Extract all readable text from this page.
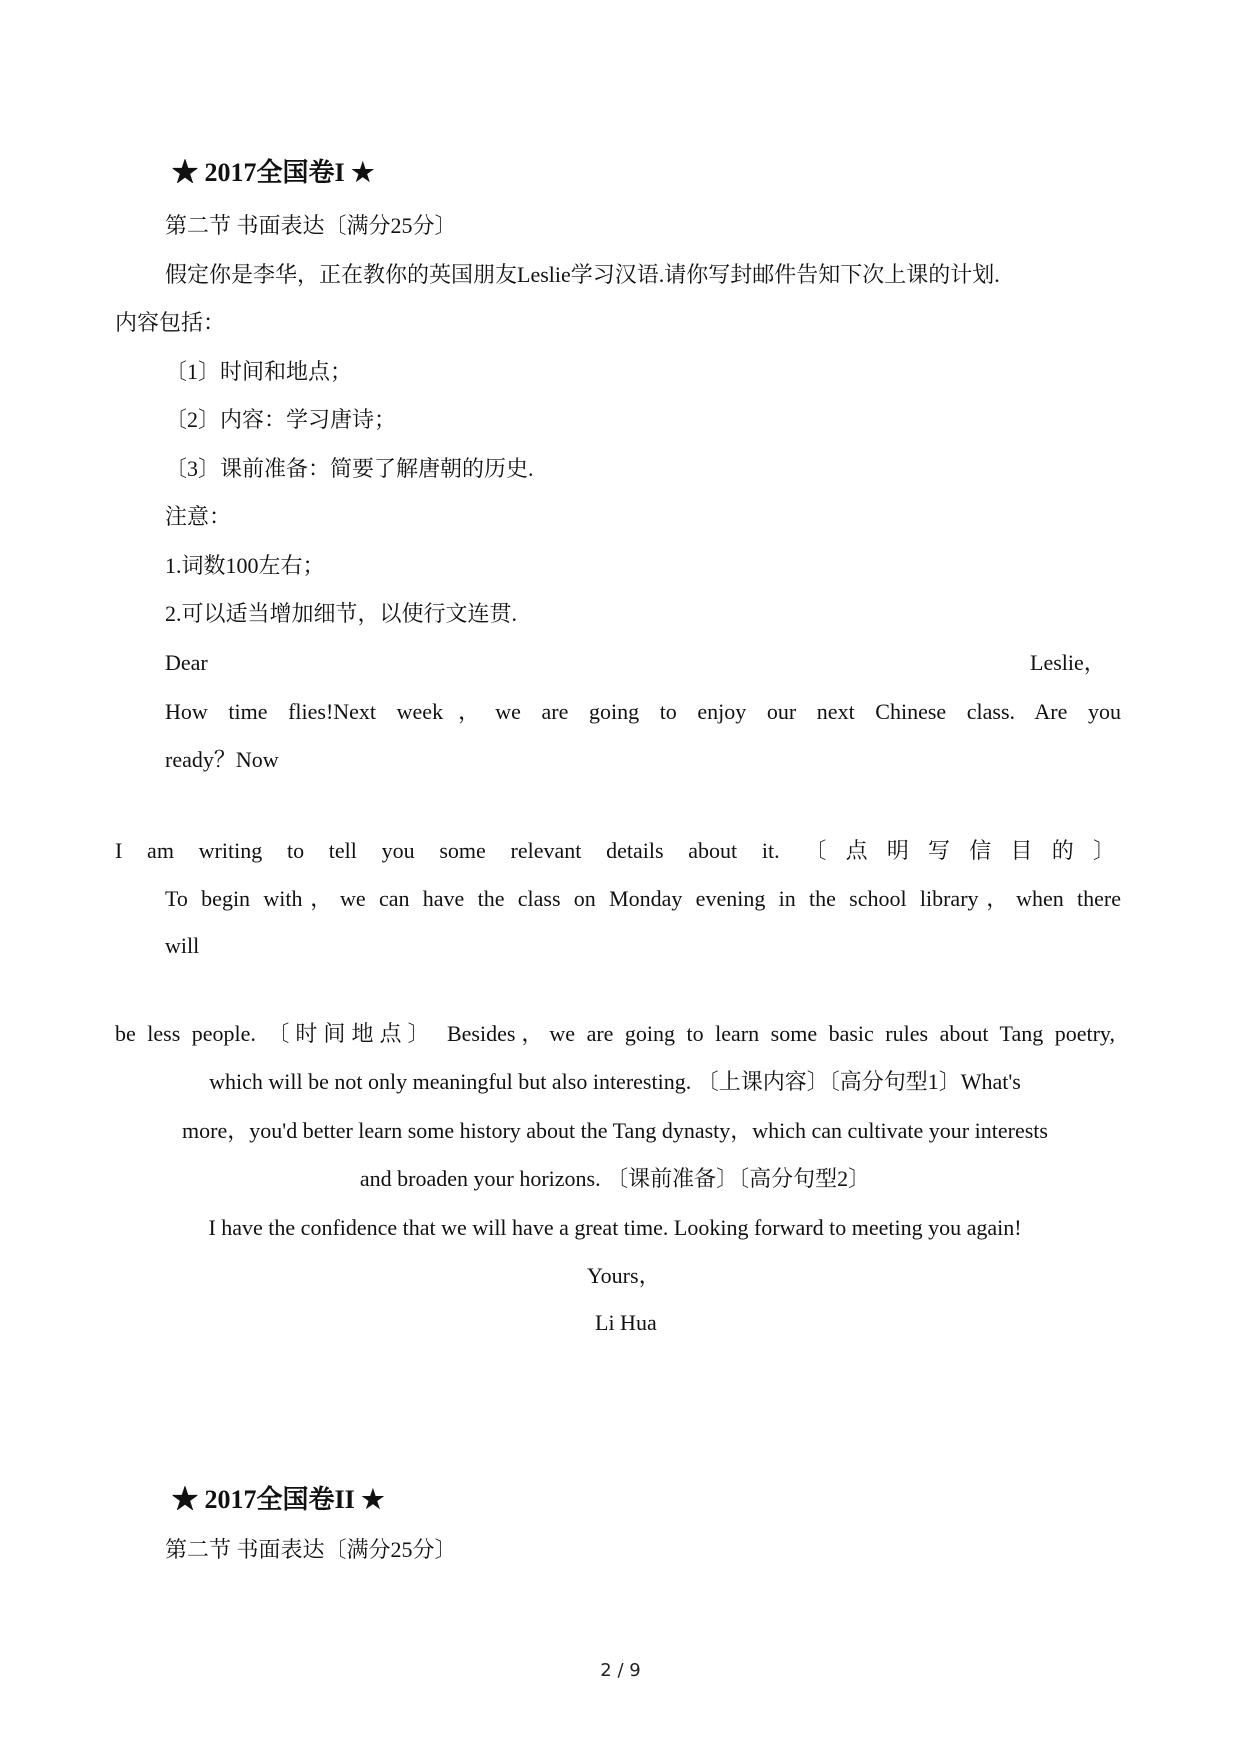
★ 2017全国卷I ★
第二节 书面表达〔满分25分〕
假定你是李华，正在教你的英国朋友Leslie学习汉语.请你写封邮件告知下次上课的计划.
内容包括：
〔1〕时间和地点；
〔2〕内容：学习唐诗；
〔3〕课前准备：简要了解唐朝的历史.
注意：
1.词数100左右；
2.可以适当增加细节，以使行文连贯.
Dear	Leslie，
How time flies!Next week，we are going to enjoy our next Chinese class. Are you
ready？Now
I am writing to tell you some relevant details about it. 〔点明写信目的〕
To begin with，we can have the class on Monday evening in the school library，when there
will
be less people. 〔时间地点〕 Besides，we are going to learn some basic rules about Tang poetry,
which will be not only meaningful but also interesting. 〔上课内容〕〔高分句型1〕What's
more，you'd better learn some history about the Tang dynasty，which can cultivate your interests
and broaden your horizons. 〔课前准备〕〔高分句型2〕
I have the confidence that we will have a great time. Looking forward to meeting you again!
Yours，
Li Hua
★ 2017全国卷II ★
第二节 书面表达〔满分25分〕
2 / 9
